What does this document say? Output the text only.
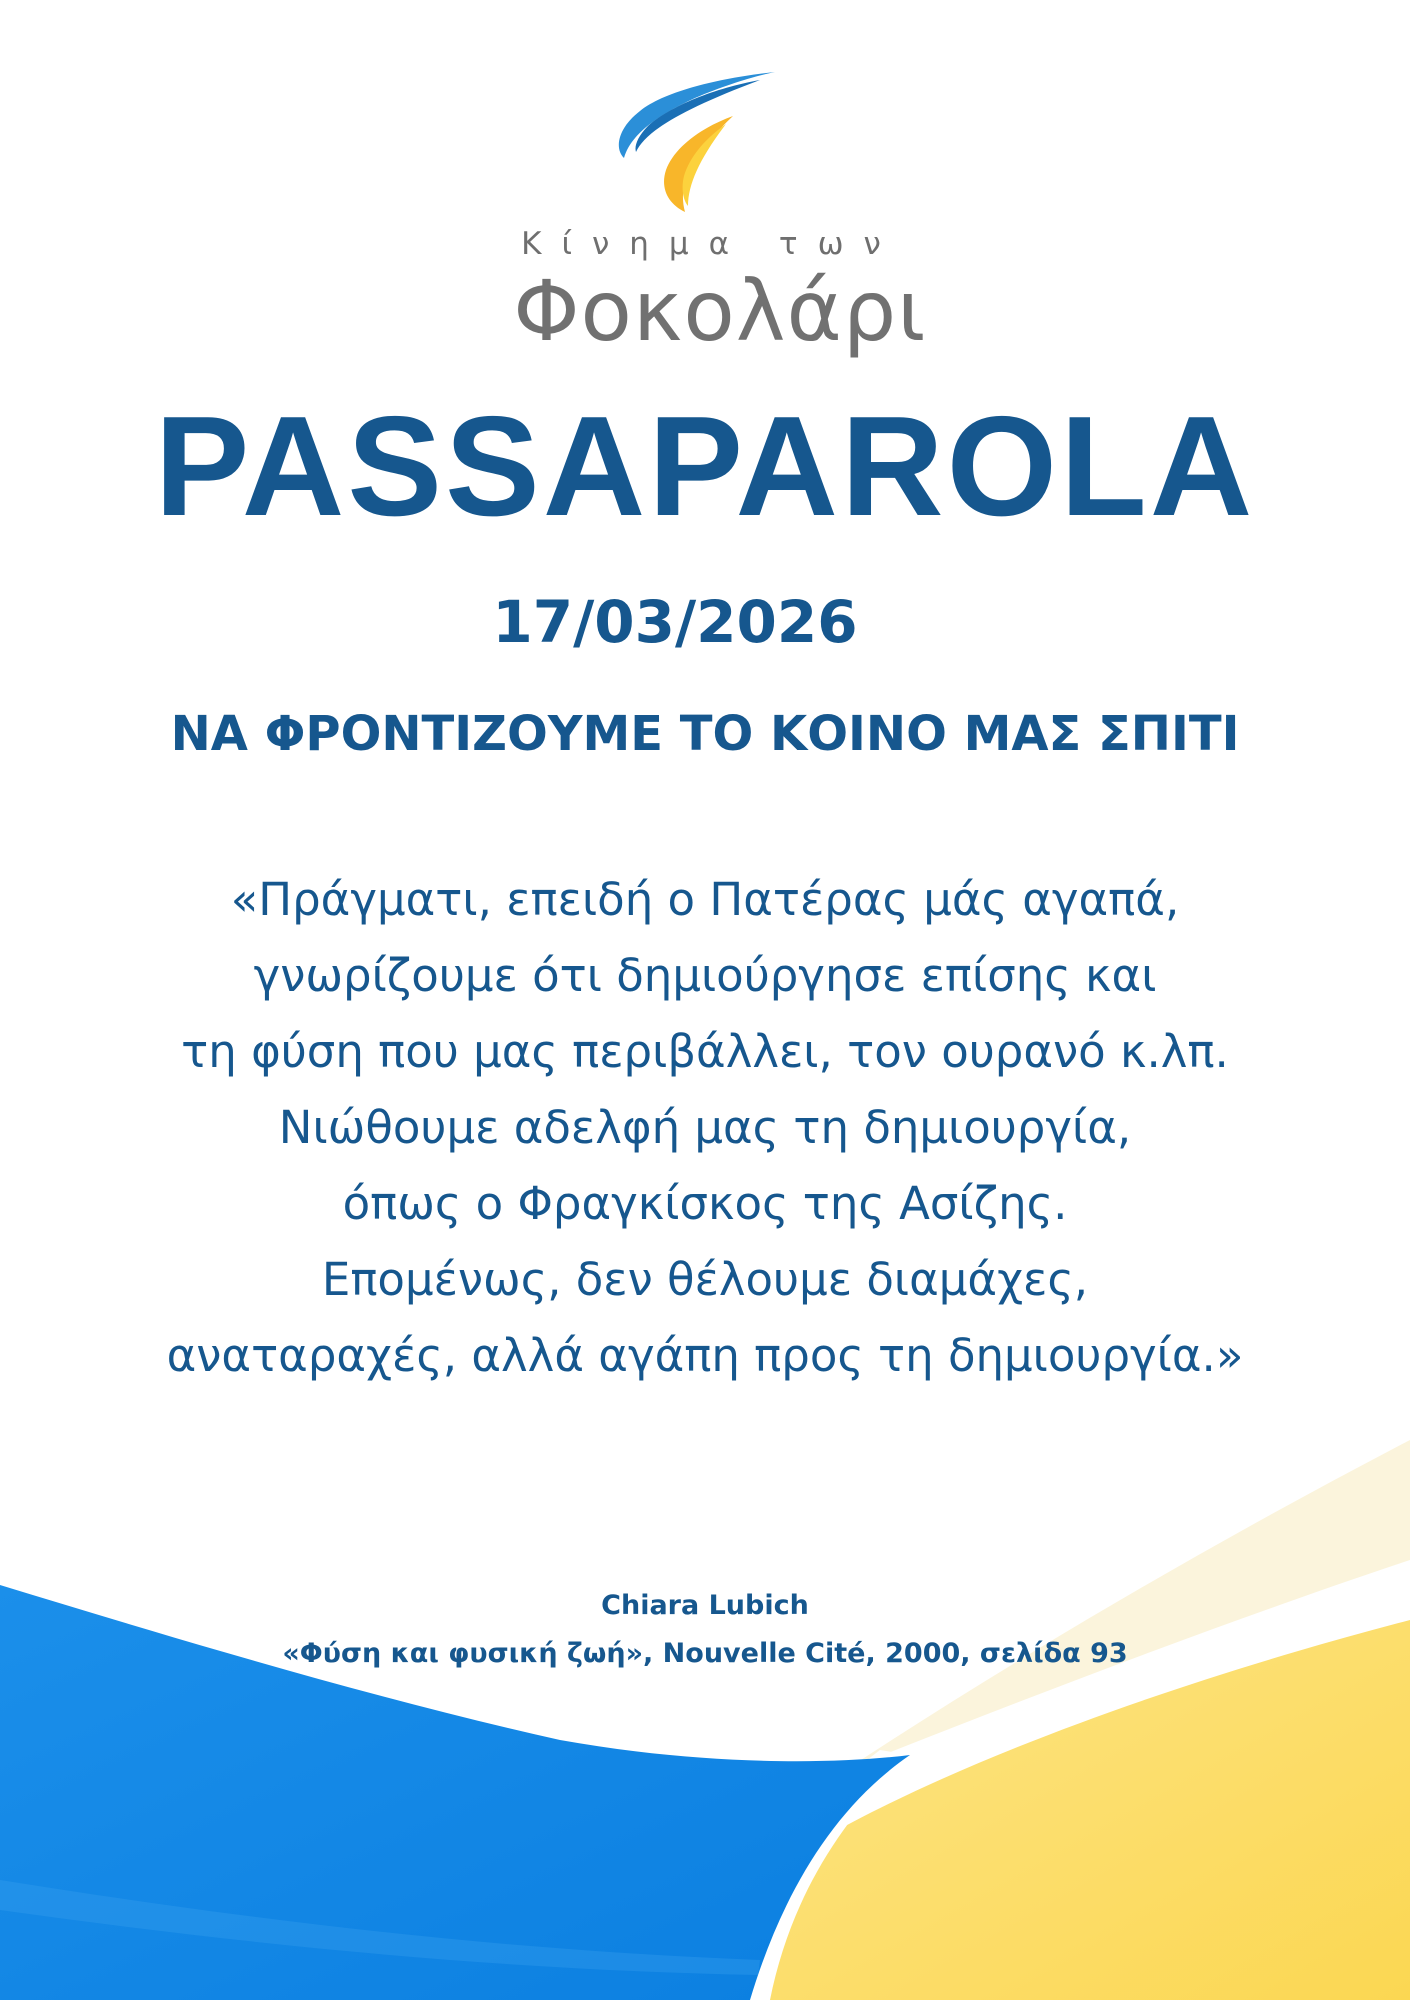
Κίνημα των
Φοκολάρι
PASSAPAROLA
17/03/2026
ΝΑ ΦΡΟΝΤΙΖΟΥΜΕ ΤΟ ΚΟΙΝΟ ΜΑΣ ΣΠΙΤΙ
«Πράγματι, επειδή ο Πατέρας μάς αγαπά,
γνωρίζουμε ότι δημιούργησε επίσης και
τη φύση που μας περιβάλλει, τον ουρανό κ.λπ.
Νιώθουμε αδελφή μας τη δημιουργία,
όπως ο Φραγκίσκος της Ασίζης.
Επομένως, δεν θέλουμε διαμάχες,
αναταραχές, αλλά αγάπη προς τη δημιουργία.»
Chiara Lubich
«Φύση και φυσική ζωή», Nouvelle Cité, 2000, σελίδα 93
